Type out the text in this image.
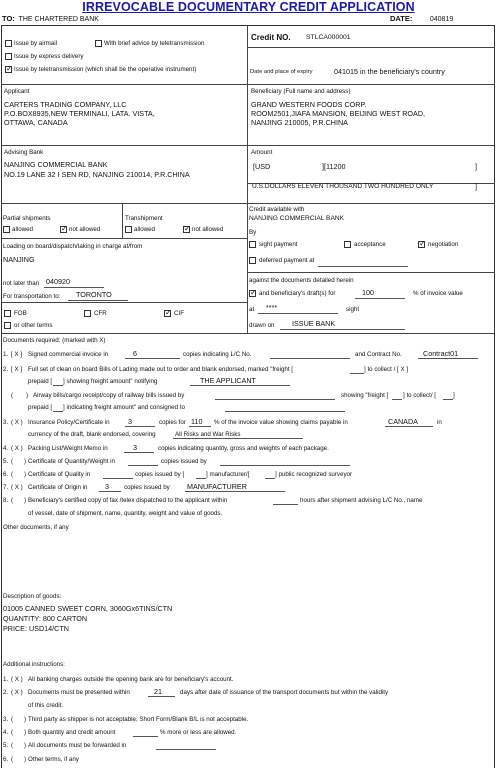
IRREVOCABLE DOCUMENTARY CREDIT APPLICATION
TO: THE CHARTERED BANK	DATE:	040819
Issue by airmail	With brief advice by teletransmission
Issue by express delivery
✓
Issue by teletransmission (which shall be the operative instrument)
Credit NO. STLCA000001
Date and place of expiry	041015 in the beneficiary's country
Applicant
CARTERS TRADING COMPANY, LLC
P.O.BOX8935,NEW TERMINALI, LATA. VISTA,
OTTAWA, CANADA
Beneficiary (Full name and address)
GRAND WESTERN FOODS CORP.
ROOM2501,JIAFA MANSION, BEIJING WEST ROAD,
NANJING 210005, P.R.CHINA
Advising Bank
NANJING COMMERCIAL BANK
NO.19 LANE 32 I SEN RD, NANJING 210014, P.R.CHINA
Amount
[USD	][11200	]
U.S.DOLLARS ELEVEN THOUSAND TWO HUNDRED ONLY	]
Partial shipments
allowed ✓	not allowed
Transhipment
allowed ✓	not allowed
Credit available with
NANJING COMMERCIAL BANK
By
sight payment	acceptance ✓	negotiation
deferred payment at
against the documents detailed herein
✓
and beneficiary's draft(s) for	100	% of invoice value
at ****	sight
drawn on ISSUE BANK
Loading on board/dispatch/taking in charge at/from
NANJING
not later than 040920
For transportation to: TORONTO
FOB	CFR ✓	CIF
or other terms
Documents required: (marked with X)
1. [ X ] Signed commercial invoice in	6	copies indicating L/C No.	and Contract No.	Contract01
2. [ X ] Full set of clean on board Bills of Lading made out to order and blank endorsed, marked "freight [	] to collect / [ X ]
prepaid [ ] showing freight amount" notifying	THE APPLICANT
( ) Airway bills/cargo receipt/copy of railway bills issued by	showing "freight [ ] to collect/ [	]
prepaid [ ] indicating freight amount" and consigned to
3. ( X ) Insurance Policy/Certificate in	3	copies for 110 % of the invoice value showing claims payable in	CANADA	in
currency of the draft, blank endorsed, covering	All Risks and War Risks
4. ( X ) Packing List/Weight Memo in	3	copies indicating quantity, gross and weights of each package.
5. ( ) Certificate of Quantity/Weight in	copies issued by
6. ( ) Certificate of Quality in	copies issued by [	] manufacturer/[	] public recognized surveyor
7. ( X ) Certificate of Origin in 3 copies issued by MANUFACTURER
8. ( ) Beneficiary's certified copy of fax /telex dispatched to the applicant within	hours after shipment advising L/C No., name
of vessel, date of shipment, name, quantity, weight and value of goods.
Other documents, if any
Description of goods:
01005 CANNED SWEET CORN, 3060Gx6TINS/CTN
QUANTITY: 800 CARTON
PRICE: USD14/CTN
Additional instructions:
1. ( X ) All banking charges outside the opening bank are for beneficiary's account.
2. ( X ) Documents must be presented within	21	days after date of issuance of the transport documents but within the validity
of this credit.
3. ( ) Third party as shipper is not acceptable, Short Form/Blank B/L is not acceptable.
4. ( ) Both quantity and credit amount	% more or less are allowed.
5. ( ) All documents must be forwarded in
6. ( ) Other terms, if any
